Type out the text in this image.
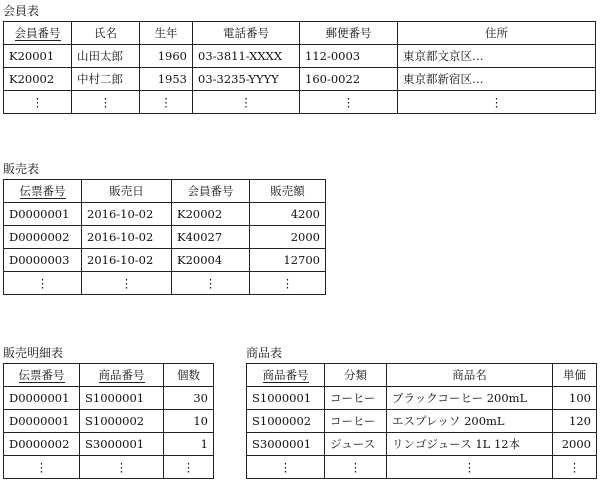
会員表
会員番号	氏名	生年	電話番号	郵便番号	住所
K20001	山田太郎	1960	03-3811-XXXX	112-0003	東京都文京区…
K20002	中村二郎	1953	03-3235-YYYY	160-0022	東京都新宿区…
⋮	⋮	⋮	⋮	⋮	⋮
販売表
伝票番号	販売日	会員番号	販売額
D0000001	2016-10-02	K20002	4200
D0000002	2016-10-02	K40027	2000
D0000003	2016-10-02	K20004	12700
⋮	⋮	⋮	⋮
販売明細表
伝票番号	商品番号	個数
D0000001	S1000001	30
D0000001	S1000002	10
D0000002	S3000001	1
⋮	⋮	⋮
商品表
商品番号	分類	商品名	単価
S1000001	コーヒー	ブラックコーヒー 200mL	100
S1000002	コーヒー	エスプレッソ 200mL	120
S3000001	ジュース	リンゴジュース 1L 12本	2000
⋮	⋮	⋮	⋮
